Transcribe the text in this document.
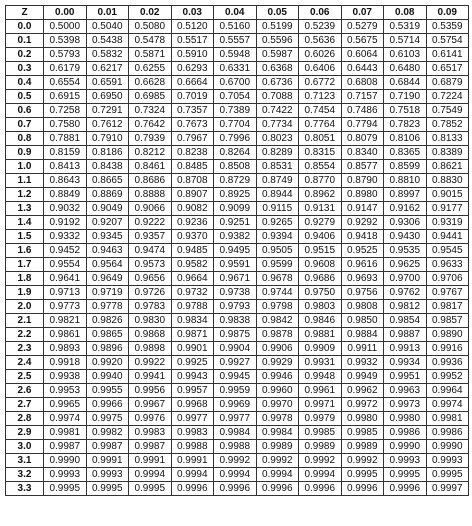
Z	0.00	0.01	0.02	0.03	0.04	0.05	0.06	0.07	0.08	0.09
0.0	0.5000	0.5040	0.5080	0.5120	0.5160	0.5199	0.5239	0.5279	0.5319	0.5359
0.1	0.5398	0.5438	0.5478	0.5517	0.5557	0.5596	0.5636	0.5675	0.5714	0.5754
0.2	0.5793	0.5832	0.5871	0.5910	0.5948	0.5987	0.6026	0.6064	0.6103	0.6141
0.3	0.6179	0.6217	0.6255	0.6293	0.6331	0.6368	0.6406	0.6443	0.6480	0.6517
0.4	0.6554	0.6591	0.6628	0.6664	0.6700	0.6736	0.6772	0.6808	0.6844	0.6879
0.5	0.6915	0.6950	0.6985	0.7019	0.7054	0.7088	0.7123	0.7157	0.7190	0.7224
0.6	0.7258	0.7291	0.7324	0.7357	0.7389	0.7422	0.7454	0.7486	0.7518	0.7549
0.7	0.7580	0.7612	0.7642	0.7673	0.7704	0.7734	0.7764	0.7794	0.7823	0.7852
0.8	0.7881	0.7910	0.7939	0.7967	0.7996	0.8023	0.8051	0.8079	0.8106	0.8133
0.9	0.8159	0.8186	0.8212	0.8238	0.8264	0.8289	0.8315	0.8340	0.8365	0.8389
1.0	0.8413	0.8438	0.8461	0.8485	0.8508	0.8531	0.8554	0.8577	0.8599	0.8621
1.1	0.8643	0.8665	0.8686	0.8708	0.8729	0.8749	0.8770	0.8790	0.8810	0.8830
1.2	0.8849	0.8869	0.8888	0.8907	0.8925	0.8944	0.8962	0.8980	0.8997	0.9015
1.3	0.9032	0.9049	0.9066	0.9082	0.9099	0.9115	0.9131	0.9147	0.9162	0.9177
1.4	0.9192	0.9207	0.9222	0.9236	0.9251	0.9265	0.9279	0.9292	0.9306	0.9319
1.5	0.9332	0.9345	0.9357	0.9370	0.9382	0.9394	0.9406	0.9418	0.9430	0.9441
1.6	0.9452	0.9463	0.9474	0.9485	0.9495	0.9505	0.9515	0.9525	0.9535	0.9545
1.7	0.9554	0.9564	0.9573	0.9582	0.9591	0.9599	0.9608	0.9616	0.9625	0.9633
1.8	0.9641	0.9649	0.9656	0.9664	0.9671	0.9678	0.9686	0.9693	0.9700	0.9706
1.9	0.9713	0.9719	0.9726	0.9732	0.9738	0.9744	0.9750	0.9756	0.9762	0.9767
2.0	0.9773	0.9778	0.9783	0.9788	0.9793	0.9798	0.9803	0.9808	0.9812	0.9817
2.1	0.9821	0.9826	0.9830	0.9834	0.9838	0.9842	0.9846	0.9850	0.9854	0.9857
2.2	0.9861	0.9865	0.9868	0.9871	0.9875	0.9878	0.9881	0.9884	0.9887	0.9890
2.3	0.9893	0.9896	0.9898	0.9901	0.9904	0.9906	0.9909	0.9911	0.9913	0.9916
2.4	0.9918	0.9920	0.9922	0.9925	0.9927	0.9929	0.9931	0.9932	0.9934	0.9936
2.5	0.9938	0.9940	0.9941	0.9943	0.9945	0.9946	0.9948	0.9949	0.9951	0.9952
2.6	0.9953	0.9955	0.9956	0.9957	0.9959	0.9960	0.9961	0.9962	0.9963	0.9964
2.7	0.9965	0.9966	0.9967	0.9968	0.9969	0.9970	0.9971	0.9972	0.9973	0.9974
2.8	0.9974	0.9975	0.9976	0.9977	0.9977	0.9978	0.9979	0.9980	0.9980	0.9981
2.9	0.9981	0.9982	0.9983	0.9983	0.9984	0.9984	0.9985	0.9985	0.9986	0.9986
3.0	0.9987	0.9987	0.9987	0.9988	0.9988	0.9989	0.9989	0.9989	0.9990	0.9990
3.1	0.9990	0.9991	0.9991	0.9991	0.9992	0.9992	0.9992	0.9992	0.9993	0.9993
3.2	0.9993	0.9993	0.9994	0.9994	0.9994	0.9994	0.9994	0.9995	0.9995	0.9995
3.3	0.9995	0.9995	0.9995	0.9996	0.9996	0.9996	0.9996	0.9996	0.9996	0.9997
